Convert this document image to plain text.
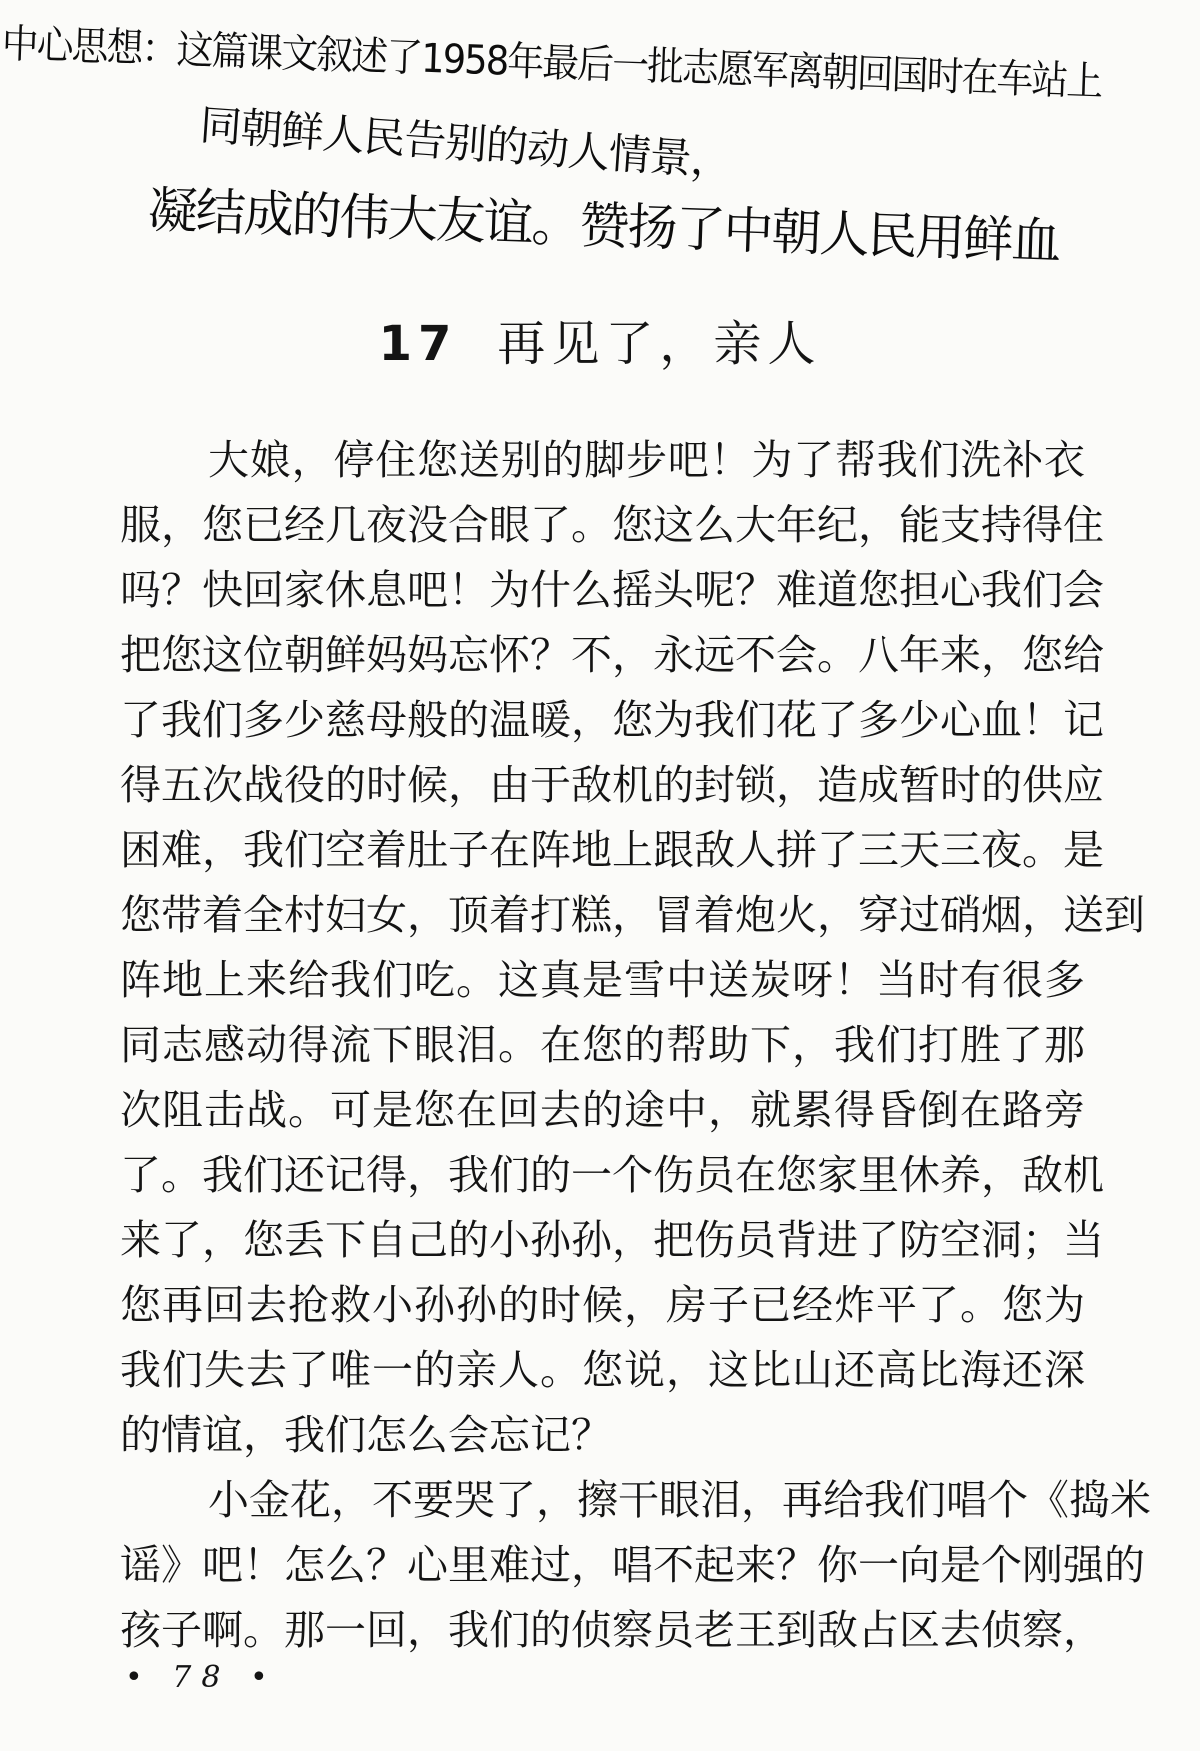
中心思想：这篇课文叙述了1958年最后一批志愿军离朝回国时在车站上
同朝鲜人民告别的动人情景，
凝结成的伟大友谊。赞扬了中朝人民用鲜血
17 再见了，亲人
大娘，停住您送别的脚步吧！为了帮我们洗补衣
服，您已经几夜没合眼了。您这么大年纪，能支持得住
吗？快回家休息吧！为什么摇头呢？难道您担心我们会
把您这位朝鲜妈妈忘怀？不，永远不会。八年来，您给
了我们多少慈母般的温暖，您为我们花了多少心血！记
得五次战役的时候，由于敌机的封锁，造成暂时的供应
困难，我们空着肚子在阵地上跟敌人拼了三天三夜。是
您带着全村妇女，顶着打糕，冒着炮火，穿过硝烟，送到
阵地上来给我们吃。这真是雪中送炭呀！当时有很多
同志感动得流下眼泪。在您的帮助下，我们打胜了那
次阻击战。可是您在回去的途中，就累得昏倒在路旁
了。我们还记得，我们的一个伤员在您家里休养，敌机
来了，您丢下自己的小孙孙，把伤员背进了防空洞；当
您再回去抢救小孙孙的时候，房子已经炸平了。您为
我们失去了唯一的亲人。您说，这比山还高比海还深
的情谊，我们怎么会忘记？
小金花，不要哭了，擦干眼泪，再给我们唱个《捣米
谣》吧！怎么？心里难过，唱不起来？你一向是个刚强的
孩子啊。那一回，我们的侦察员老王到敌占区去侦察，
• 78 •
